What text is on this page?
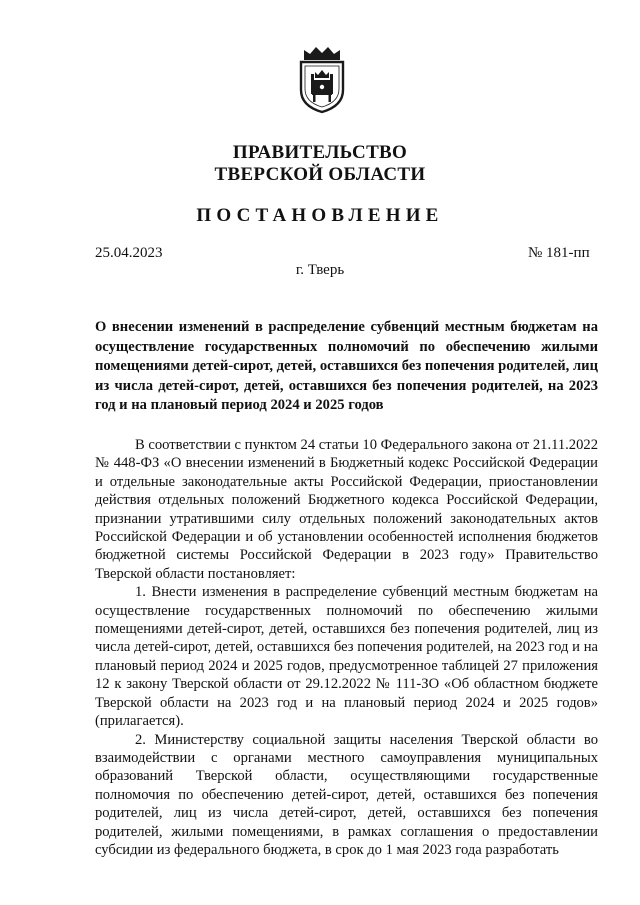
ПРАВИТЕЛЬСТВО
ТВЕРСКОЙ ОБЛАСТИ
ПОСТАНОВЛЕНИЕ
25.04.2023	№ 181-пп
г. Тверь
О внесении изменений в распределение субвенций местным бюджетам на осуществление государственных полномочий по обеспечению жилыми помещениями детей-сирот, детей, оставшихся без попечения родителей, лиц из числа детей-сирот, детей, оставшихся без попечения родителей, на 2023 год и на плановый период 2024 и 2025 годов

В соответствии с пунктом 24 статьи 10 Федерального закона от 21.11.2022 № 448-ФЗ «О внесении изменений в Бюджетный кодекс Российской Федерации и отдельные законодательные акты Российской Федерации, приостановлении действия отдельных положений Бюджетного кодекса Российской Федерации, признании утратившими силу отдельных положений законодательных актов Российской Федерации и об установлении особенностей исполнения бюджетов бюджетной системы Российской Федерации в 2023 году» Правительство Тверской области постановляет:

1. Внести изменения в распределение субвенций местным бюджетам на осуществление государственных полномочий по обеспечению жилыми помещениями детей-сирот, детей, оставшихся без попечения родителей, лиц из числа детей-сирот, детей, оставшихся без попечения родителей, на 2023 год и на плановый период 2024 и 2025 годов, предусмотренное таблицей 27 приложения 12 к закону Тверской области от 29.12.2022 № 111-ЗО «Об областном бюджете Тверской области на 2023 год и на плановый период 2024 и 2025 годов» (прилагается).

2. Министерству социальной защиты населения Тверской области во взаимодействии с органами местного самоуправления муниципальных образований Тверской области, осуществляющими государственные полномочия по обеспечению детей-сирот, детей, оставшихся без попечения родителей, лиц из числа детей-сирот, детей, оставшихся без попечения родителей, жилыми помещениями, в рамках соглашения о предоставлении субсидии из федерального бюджета, в срок до 1 мая 2023 года разработать
